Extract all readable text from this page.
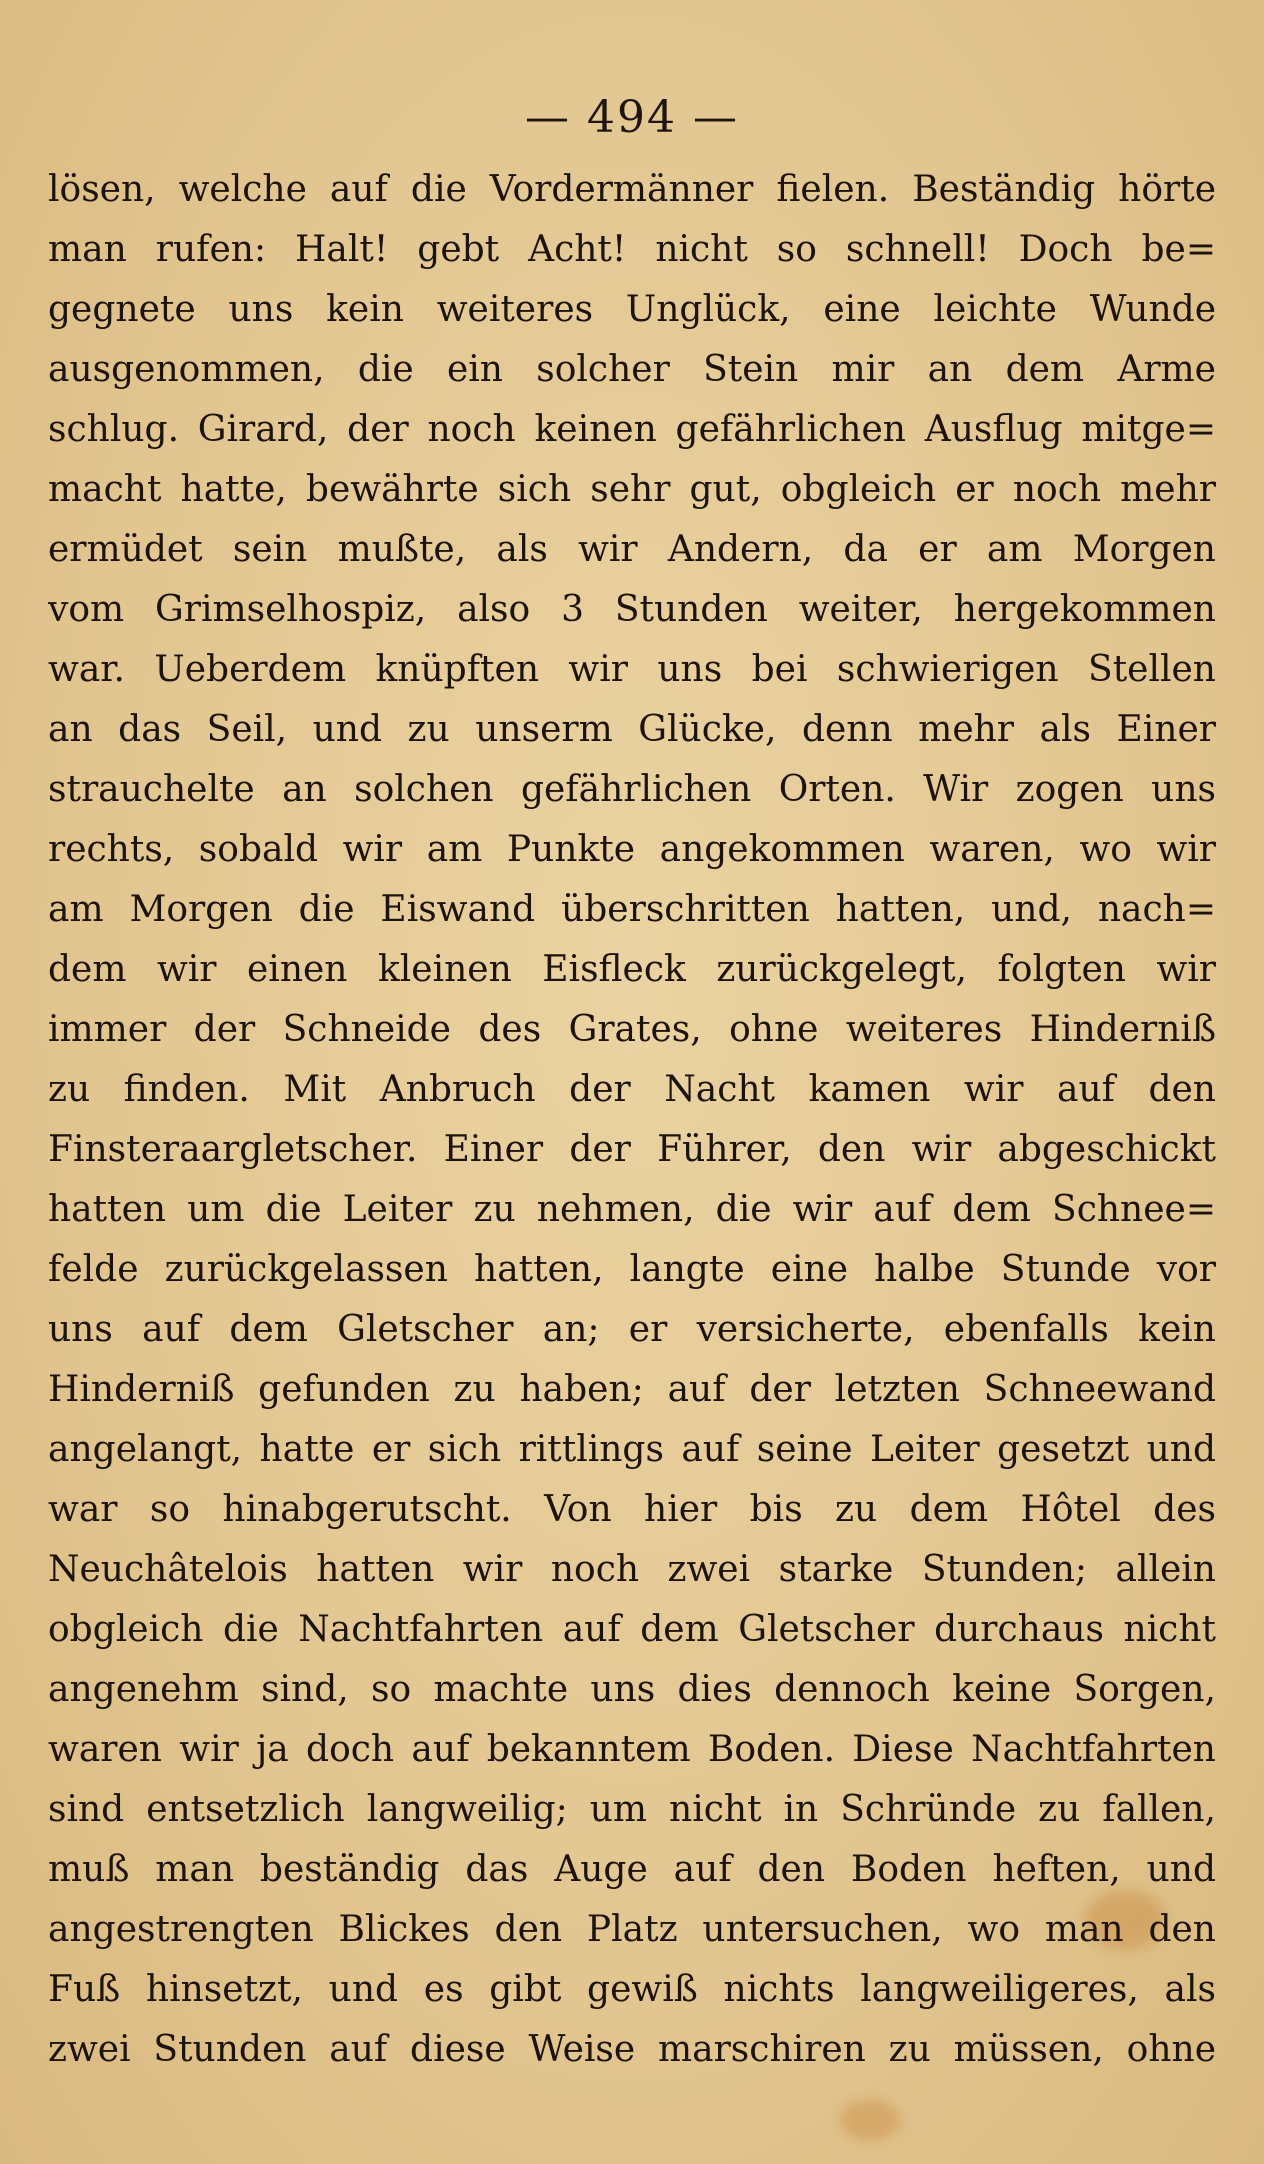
— 494 —
lösen, welche auf die Vordermänner fielen. Beständig hörte
man rufen: Halt! gebt Acht! nicht so schnell! Doch be=
gegnete uns kein weiteres Unglück, eine leichte Wunde
ausgenommen, die ein solcher Stein mir an dem Arme
schlug. Girard, der noch keinen gefährlichen Ausflug mitge=
macht hatte, bewährte sich sehr gut, obgleich er noch mehr
ermüdet sein mußte, als wir Andern, da er am Morgen
vom Grimselhospiz, also 3 Stunden weiter, hergekommen
war. Ueberdem knüpften wir uns bei schwierigen Stellen
an das Seil, und zu unserm Glücke, denn mehr als Einer
strauchelte an solchen gefährlichen Orten. Wir zogen uns
rechts, sobald wir am Punkte angekommen waren, wo wir
am Morgen die Eiswand überschritten hatten, und, nach=
dem wir einen kleinen Eisfleck zurückgelegt, folgten wir
immer der Schneide des Grates, ohne weiteres Hinderniß
zu finden. Mit Anbruch der Nacht kamen wir auf den
Finsteraargletscher. Einer der Führer, den wir abgeschickt
hatten um die Leiter zu nehmen, die wir auf dem Schnee=
felde zurückgelassen hatten, langte eine halbe Stunde vor
uns auf dem Gletscher an; er versicherte, ebenfalls kein
Hinderniß gefunden zu haben; auf der letzten Schneewand
angelangt, hatte er sich rittlings auf seine Leiter gesetzt und
war so hinabgerutscht. Von hier bis zu dem Hôtel des
Neuchâtelois hatten wir noch zwei starke Stunden; allein
obgleich die Nachtfahrten auf dem Gletscher durchaus nicht
angenehm sind, so machte uns dies dennoch keine Sorgen,
waren wir ja doch auf bekanntem Boden. Diese Nachtfahrten
sind entsetzlich langweilig; um nicht in Schründe zu fallen,
muß man beständig das Auge auf den Boden heften, und
angestrengten Blickes den Platz untersuchen, wo man den
Fuß hinsetzt, und es gibt gewiß nichts langweiligeres, als
zwei Stunden auf diese Weise marschiren zu müssen, ohne
